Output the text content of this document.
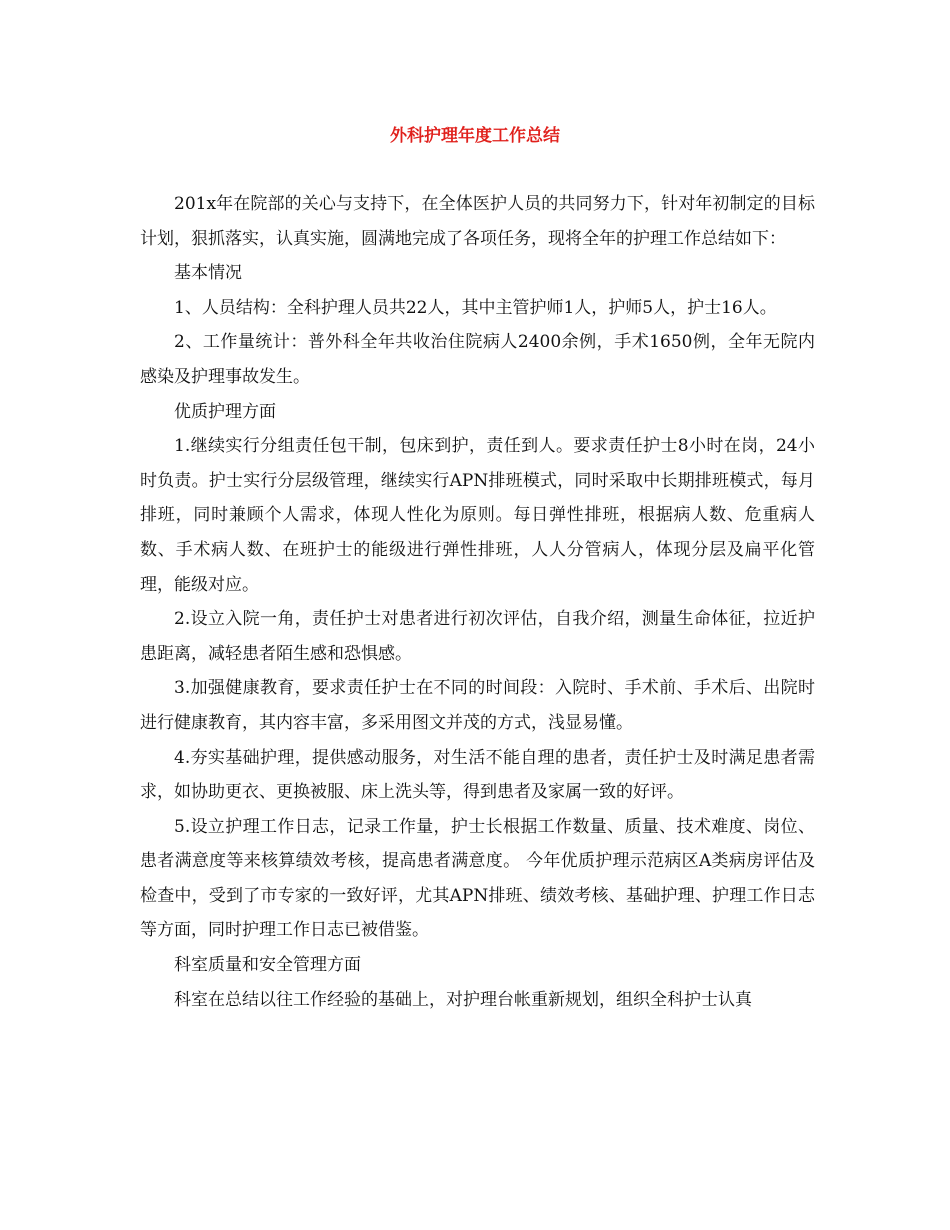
外科护理年度工作总结

201x年在院部的关心与支持下，在全体医护人员的共同努力下，针对年初制定的目标计划，狠抓落实，认真实施，圆满地完成了各项任务，现将全年的护理工作总结如下：

基本情况

1、人员结构：全科护理人员共22人，其中主管护师1人，护师5人，护士16人。

2、工作量统计：普外科全年共收治住院病人2400余例，手术1650例，全年无院内感染及护理事故发生。

优质护理方面

1.继续实行分组责任包干制，包床到护，责任到人。要求责任护士8小时在岗，24小时负责。护士实行分层级管理，继续实行APN排班模式，同时采取中长期排班模式，每月排班，同时兼顾个人需求，体现人性化为原则。每日弹性排班，根据病人数、危重病人数、手术病人数、在班护士的能级进行弹性排班，人人分管病人，体现分层及扁平化管理，能级对应。

2.设立入院一角，责任护士对患者进行初次评估，自我介绍，测量生命体征，拉近护患距离，减轻患者陌生感和恐惧感。

3.加强健康教育，要求责任护士在不同的时间段：入院时、手术前、手术后、出院时进行健康教育，其内容丰富，多采用图文并茂的方式，浅显易懂。

4.夯实基础护理，提供感动服务，对生活不能自理的患者，责任护士及时满足患者需求，如协助更衣、更换被服、床上洗头等，得到患者及家属一致的好评。

5.设立护理工作日志，记录工作量，护士长根据工作数量、质量、技术难度、岗位、患者满意度等来核算绩效考核，提高患者满意度。 今年优质护理示范病区A类病房评估及检查中，受到了市专家的一致好评，尤其APN排班、绩效考核、基础护理、护理工作日志等方面，同时护理工作日志已被借鉴。

科室质量和安全管理方面

科室在总结以往工作经验的基础上，对护理台帐重新规划，组织全科护士认真
